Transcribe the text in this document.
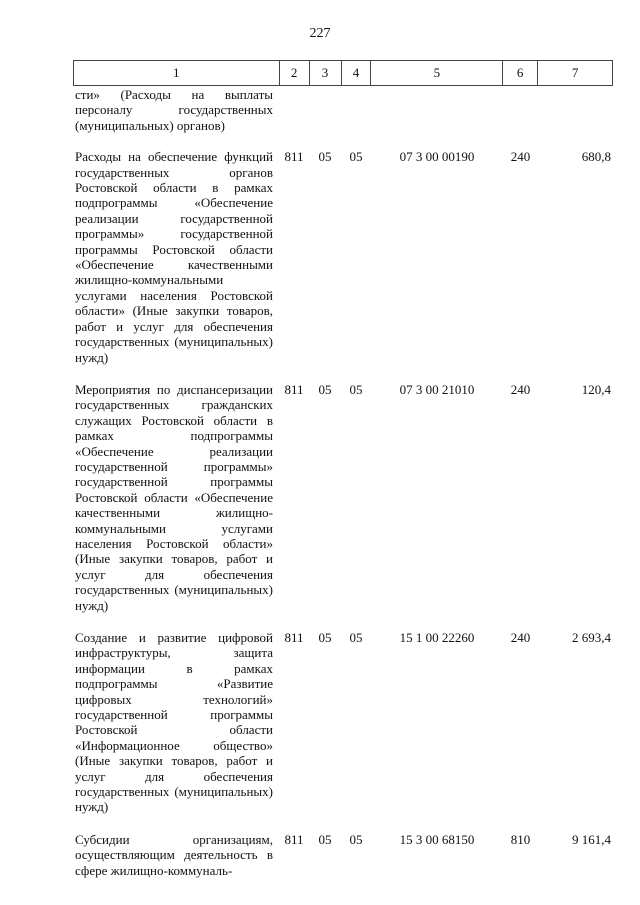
227
1	2	3	4	5	6	7
сти» (Расходы на выплаты персоналу государственных (муниципальных) органов)
Расходы на обеспечение функций государственных органов Ростовской области в рамках подпрограммы «Обеспечение реализации государственной программы» государственной программы Ростовской области «Обеспечение качественными жилищно-коммунальными услугами населения Ростовской области» (Иные закупки товаров, работ и услуг для обеспечения государственных (муниципальных) нужд)
811	05	05	07 3 00 00190	240	680,8
Мероприятия по диспансеризации государственных гражданских служащих Ростовской области в рамках подпрограммы «Обеспечение реализации государственной программы» государственной программы Ростовской области «Обеспечение качественными жилищно-коммунальными услугами населения Ростовской области» (Иные закупки товаров, работ и услуг для обеспечения государственных (муниципальных) нужд)
811	05	05	07 3 00 21010	240	120,4
Создание и развитие цифровой инфраструктуры, защита информации в рамках подпрограммы «Развитие цифровых технологий» государственной программы Ростовской области «Информационное общество» (Иные закупки товаров, работ и услуг для обеспечения государственных (муниципальных) нужд)
811	05	05	15 1 00 22260	240	2 693,4
Субсидии организациям, осуществляющим деятельность в сфере жилищно-коммуналь-
811	05	05	15 3 00 68150	810	9 161,4
